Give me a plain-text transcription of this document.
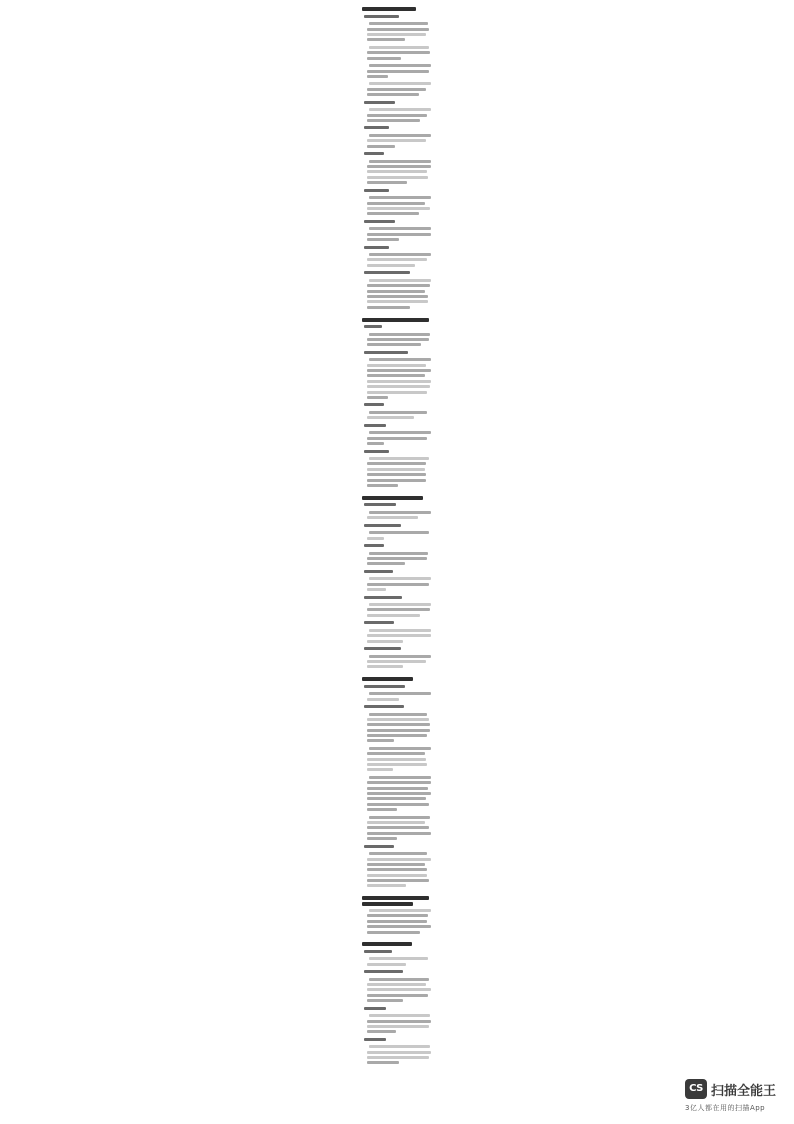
CS 扫描全能王
3亿人都在用的扫描App
